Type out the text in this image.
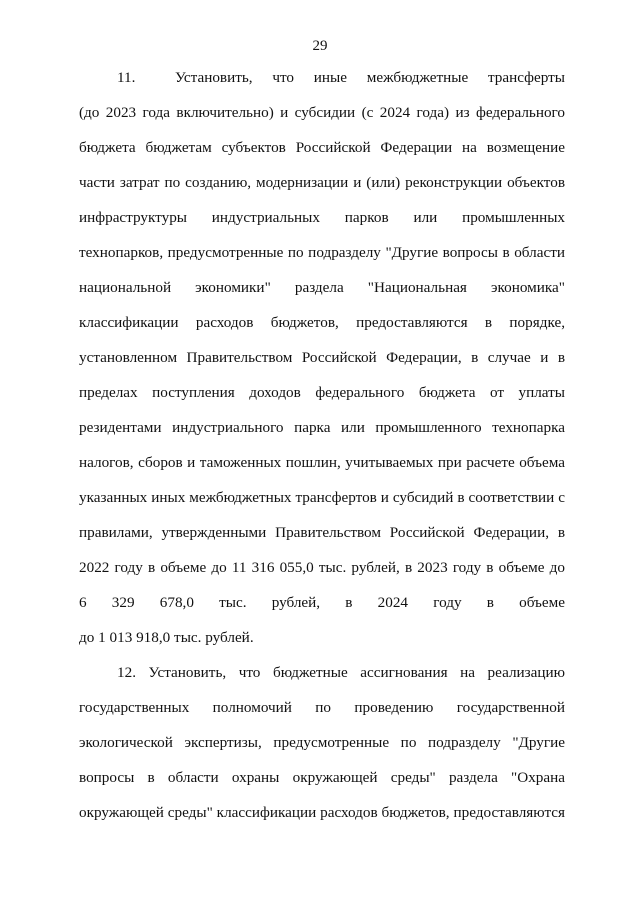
29
11.  Установить, что иные межбюджетные трансферты
(до 2023 года включительно) и субсидии (с 2024 года) из федерального
бюджета бюджетам субъектов Российской Федерации на возмещение
части затрат по созданию, модернизации и (или) реконструкции объектов
инфраструктуры индустриальных парков или промышленных
технопарков, предусмотренные по подразделу "Другие вопросы в области
национальной экономики" раздела "Национальная экономика"
классификации расходов бюджетов, предоставляются в порядке,
установленном Правительством Российской Федерации, в случае и в
пределах поступления доходов федерального бюджета от уплаты
резидентами индустриального парка или промышленного технопарка
налогов, сборов и таможенных пошлин, учитываемых при расчете объема
указанных иных межбюджетных трансфертов и субсидий в соответствии с
правилами, утвержденными Правительством Российской Федерации, в
2022 году в объеме до 11 316 055,0 тыс. рублей, в 2023 году в объеме до
6 329 678,0 тыс. рублей, в 2024 году в объеме
до 1 013 918,0 тыс. рублей.
12. Установить, что бюджетные ассигнования на реализацию
государственных полномочий по проведению государственной
экологической экспертизы, предусмотренные по подразделу "Другие
вопросы в области охраны окружающей среды" раздела "Охрана
окружающей среды" классификации расходов бюджетов, предоставляются
